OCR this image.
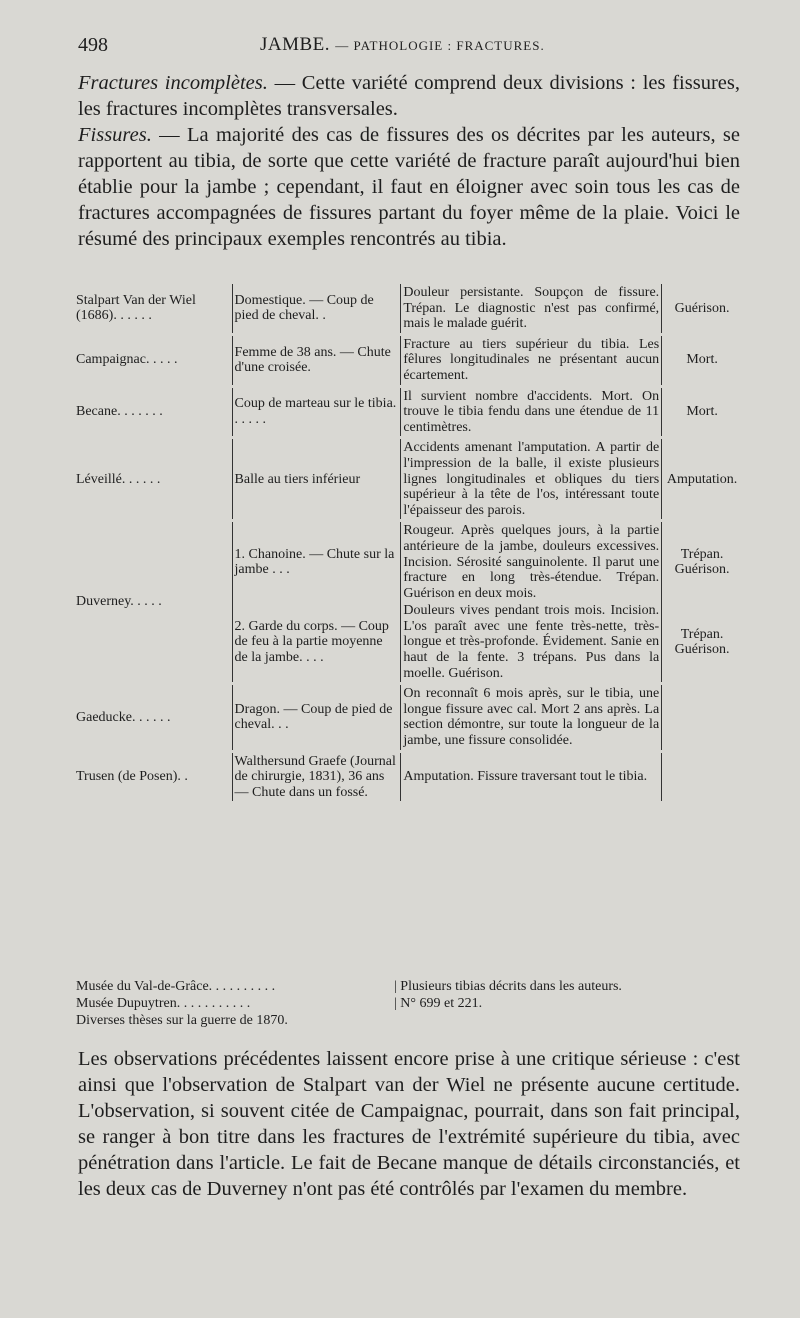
498	JAMBE. — PATHOLOGIE : FRACTURES.

Fractures incomplètes. — Cette variété comprend deux divisions : les fissures, les fractures incomplètes transversales.

Fissures. — La majorité des cas de fissures des os décrites par les auteurs, se rapportent au tibia, de sorte que cette variété de fracture paraît aujourd'hui bien établie pour la jambe ; cependant, il faut en éloigner avec soin tous les cas de fractures accompagnées de fissures partant du foyer même de la plaie. Voici le résumé des principaux exemples rencontrés au tibia.

Stalpart Van der Wiel (1686). . . . . .	Domestique. — Coup de pied de cheval. .	Douleur persistante. Soupçon de fissure. Trépan. Le diagnostic n'est pas confirmé, mais le malade guérit.	Guérison.

Campaignac. . . . .	Femme de 38 ans. — Chute d'une croisée.	Fracture au tiers supérieur du tibia. Les fêlures longitudinales ne présentant aucun écartement.	Mort.

Becane. . . . . . .	Coup de marteau sur le tibia. . . . . .	Il survient nombre d'accidents. Mort. On trouve le tibia fendu dans une étendue de 11 centimètres.	Mort.

Léveillé. . . . . .	Balle au tiers inférieur	Accidents amenant l'amputation. A partir de l'impression de la balle, il existe plusieurs lignes longitudinales et obliques du tiers supérieur à la tête de l'os, intéressant toute l'épaisseur des parois.	Amputation.

Duverney. . . . .	1. Chanoine. — Chute sur la jambe . . .	Rougeur. Après quelques jours, à la partie antérieure de la jambe, douleurs excessives. Incision. Sérosité sanguinolente. Il parut une fracture en long très-étendue. Trépan. Guérison en deux mois.	Trépan. Guérison.
	2. Garde du corps. — Coup de feu à la partie moyenne de la jambe. . . .	Douleurs vives pendant trois mois. Incision. L'os paraît avec une fente très-nette, très-longue et très-profonde. Évidement. Sanie en haut de la fente. 3 trépans. Pus dans la moelle. Guérison.	Trépan. Guérison.

Gaeducke. . . . . .	Dragon. — Coup de pied de cheval. . .	On reconnaît 6 mois après, sur le tibia, une longue fissure avec cal. Mort 2 ans après. La section démontre, sur toute la longueur de la jambe, une fissure consolidée.	

Trusen (de Posen). .	Walthersund Graefe (Journal de chirurgie, 1831), 36 ans — Chute dans un fossé.	Amputation. Fissure traversant tout le tibia.	
Musée du Val-de-Grâce. . . . . . . . . .	| Plusieurs tibias décrits dans les auteurs.
Musée Dupuytren. . . . . . . . . . .	| N° 699 et 221.
Diverses thèses sur la guerre de 1870.

Les observations précédentes laissent encore prise à une critique sérieuse : c'est ainsi que l'observation de Stalpart van der Wiel ne présente aucune certitude. L'observation, si souvent citée de Campaignac, pourrait, dans son fait principal, se ranger à bon titre dans les fractures de l'extrémité supérieure du tibia, avec pénétration dans l'article. Le fait de Becane manque de détails circonstanciés, et les deux cas de Duverney n'ont pas été contrôlés par l'examen du membre.
